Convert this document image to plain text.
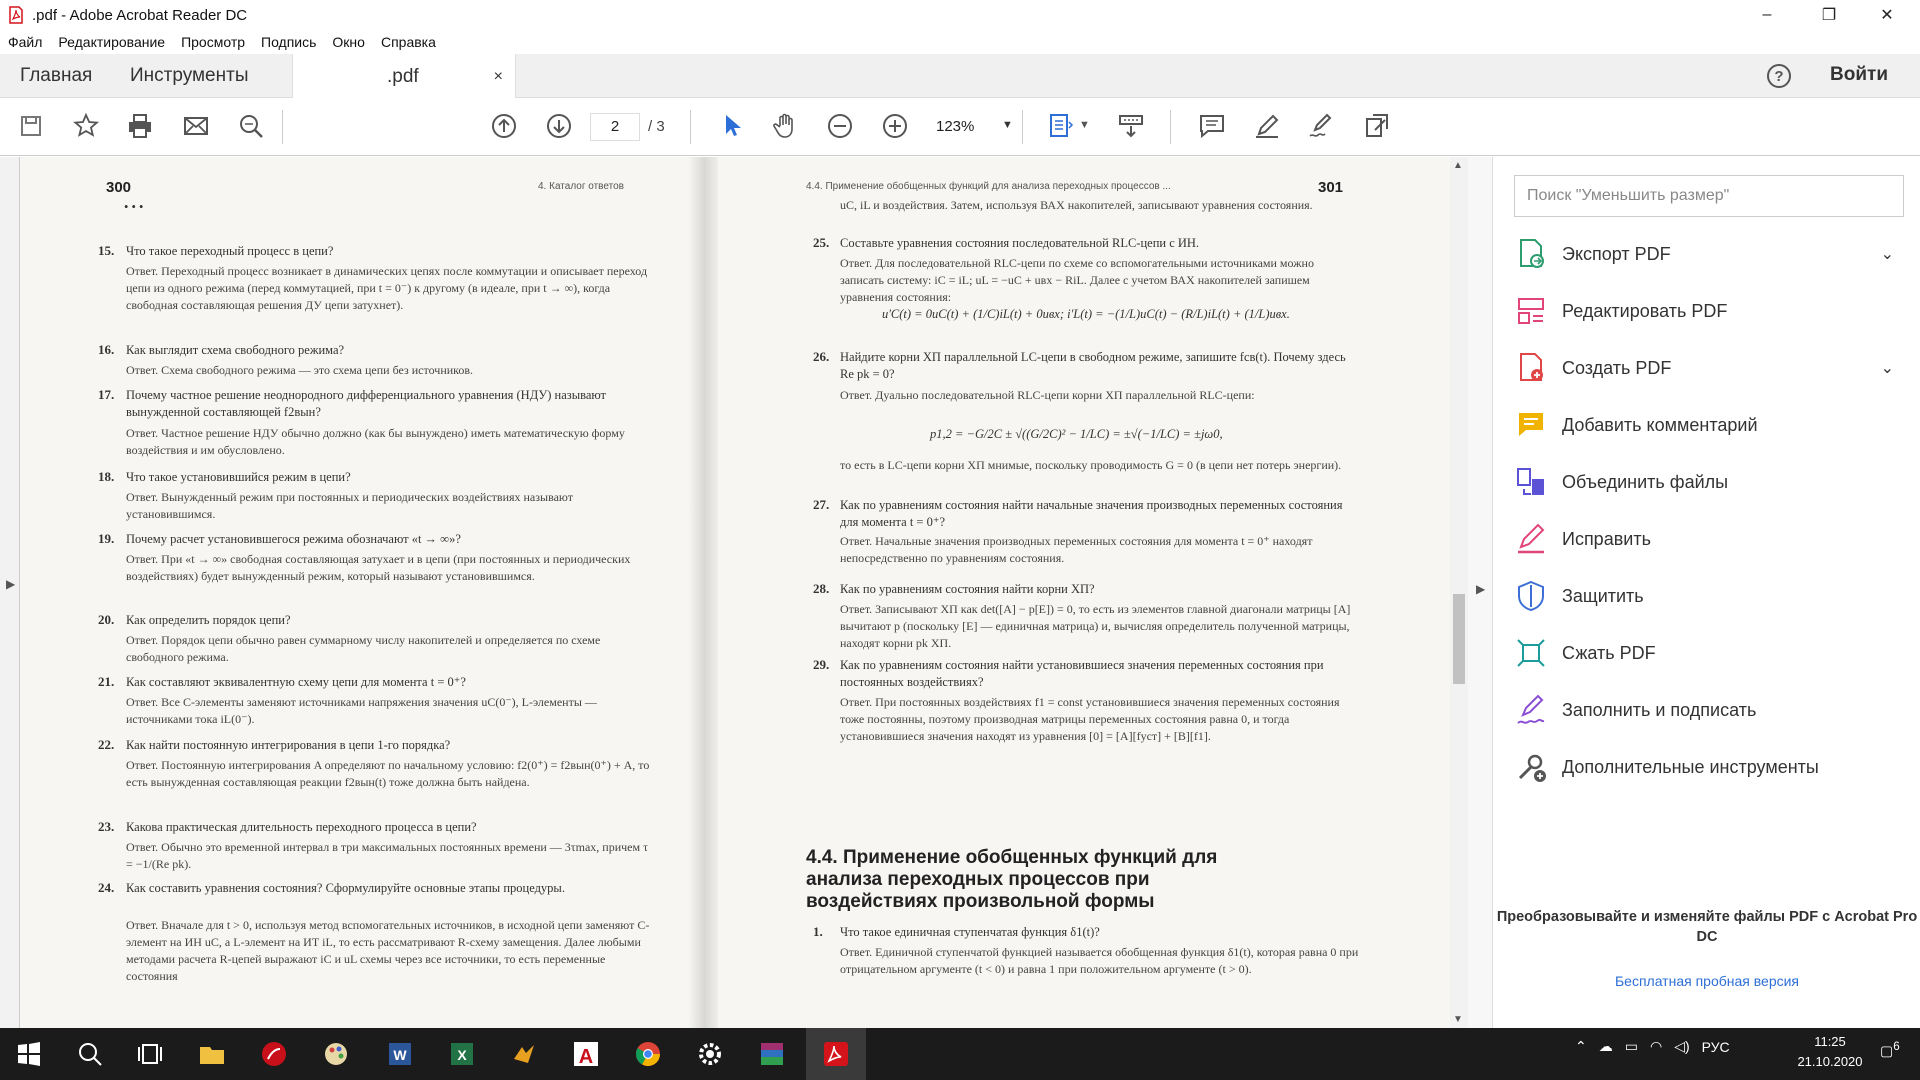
.pdf - Adobe Acrobat Reader DC	–	❐	✕
Файл Редактирование Просмотр Подпись Окно Справка
Главная Инструменты	.pdf	×	?	Войти
2	/ 3	123%	▼	▼
▶
300	4. Каталог ответов
• • •
15. Что такое переходный процесс в цепи?
Ответ. Переходный процесс возникает в динамических цепях после коммутации и описывает переход цепи из одного режима (перед коммутацией, при t = 0⁻) к другому (в идеале, при t → ∞), когда свободная составляющая решения ДУ цепи затухнет).
16. Как выглядит схема свободного режима?
Ответ. Схема свободного режима — это схема цепи без источников.
17. Почему частное решение неоднородного дифференциального уравнения (НДУ) называют вынужденной составляющей f2вын?
Ответ. Частное решение НДУ обычно должно (как бы вынуждено) иметь математическую форму воздействия и им обусловлено.
18. Что такое установившийся режим в цепи?
Ответ. Вынужденный режим при постоянных и периодических воздействиях называют установившимся.
19. Почему расчет установившегося режима обозначают «t → ∞»?
Ответ. При «t → ∞» свободная составляющая затухает и в цепи (при постоянных и периодических воздействиях) будет вынужденный режим, который называют установившимся.
20. Как определить порядок цепи?
Ответ. Порядок цепи обычно равен суммарному числу накопителей и определяется по схеме свободного режима.
21. Как составляют эквивалентную схему цепи для момента t = 0⁺?
Ответ. Все C-элементы заменяют источниками напряжения значения uC(0⁻), L-элементы — источниками тока iL(0⁻).
22. Как найти постоянную интегрирования в цепи 1-го порядка?
Ответ. Постоянную интегрирования A определяют по начальному условию: f2(0⁺) = f2вын(0⁺) + A, то есть вынужденная составляющая реакции f2вын(t) тоже должна быть найдена.
23. Какова практическая длительность переходного процесса в цепи?
Ответ. Обычно это временной интервал в три максимальных постоянных времени — 3τmax, причем τ = −1/(Re pk).
24. Как составить уравнения состояния? Сформулируйте основные этапы процедуры.
Ответ. Вначале для t > 0, используя метод вспомогательных источников, в исходной цепи заменяют C-элемент на ИН uC, а L-элемент на ИТ iL, то есть рассматривают R-схему замещения. Далее любыми методами расчета R-цепей выражают iC и uL схемы через все источники, то есть переменные состояния
4.4. Применение обобщенных функций для анализа переходных процессов ...	301
uC, iL и воздействия. Затем, используя ВАХ накопителей, записывают уравнения состояния.
25. Составьте уравнения состояния последовательной RLC-цепи с ИН.
Ответ. Для последовательной RLC-цепи по схеме со вспомогательными источниками можно записать систему: iC = iL; uL = −uC + uвх − RiL. Далее с учетом ВАХ накопителей запишем уравнения состояния:
u'C(t) = 0uC(t) + (1/C)iL(t) + 0uвх; i'L(t) = −(1/L)uC(t) − (R/L)iL(t) + (1/L)uвх.
26. Найдите корни ХП параллельной LC-цепи в свободном режиме, запишите fсв(t). Почему здесь Re pk = 0?
Ответ. Дуально последовательной RLC-цепи корни ХП параллельной RLC-цепи:
p1,2 = −G/2C ± √((G/2C)² − 1/LC) = ±√(−1/LC) = ±jω0,
то есть в LC-цепи корни ХП мнимые, поскольку проводимость G = 0 (в цепи нет потерь энергии).
27. Как по уравнениям состояния найти начальные значения производных переменных состояния для момента t = 0⁺?
Ответ. Начальные значения производных переменных состояния для момента t = 0⁺ находят непосредственно по уравнениям состояния.
28. Как по уравнениям состояния найти корни ХП?
Ответ. Записывают ХП как det([A] − p[E]) = 0, то есть из элементов главной диагонали матрицы [A] вычитают p (поскольку [E] — единичная матрица) и, вычисляя определитель полученной матрицы, находят корни pk ХП.
29. Как по уравнениям состояния найти установившиеся значения переменных состояния при постоянных воздействиях?
Ответ. При постоянных воздействиях f1 = const установившиеся значения переменных состояния тоже постоянны, поэтому производная матрицы переменных состояния равна 0, и тогда установившиеся значения находят из уравнения [0] = [A][fуст] + [B][f1].
4.4. Применение обобщенных функций для анализа переходных процессов при воздействиях произвольной формы
1. Что такое единичная ступенчатая функция δ1(t)?
Ответ. Единичной ступенчатой функцией называется обобщенная функция δ1(t), которая равна 0 при отрицательном аргументе (t < 0) и равна 1 при положительном аргументе (t > 0).
▲
▼
▶
Поиск "Уменьшить размер"
Экспорт PDF	⌄
Редактировать PDF
Создать PDF	⌄
Добавить комментарий
Объединить файлы
Исправить
Защитить
Сжать PDF
Заполнить и подписать
Дополнительные инструменты
Преобразовывайте и изменяйте файлы PDF с Acrobat Pro DC
Бесплатная пробная версия
W	X	A	⌃ ☁ ▭ ◠ ◁) РУС	11:25
21.10.2020
▢$^6$
